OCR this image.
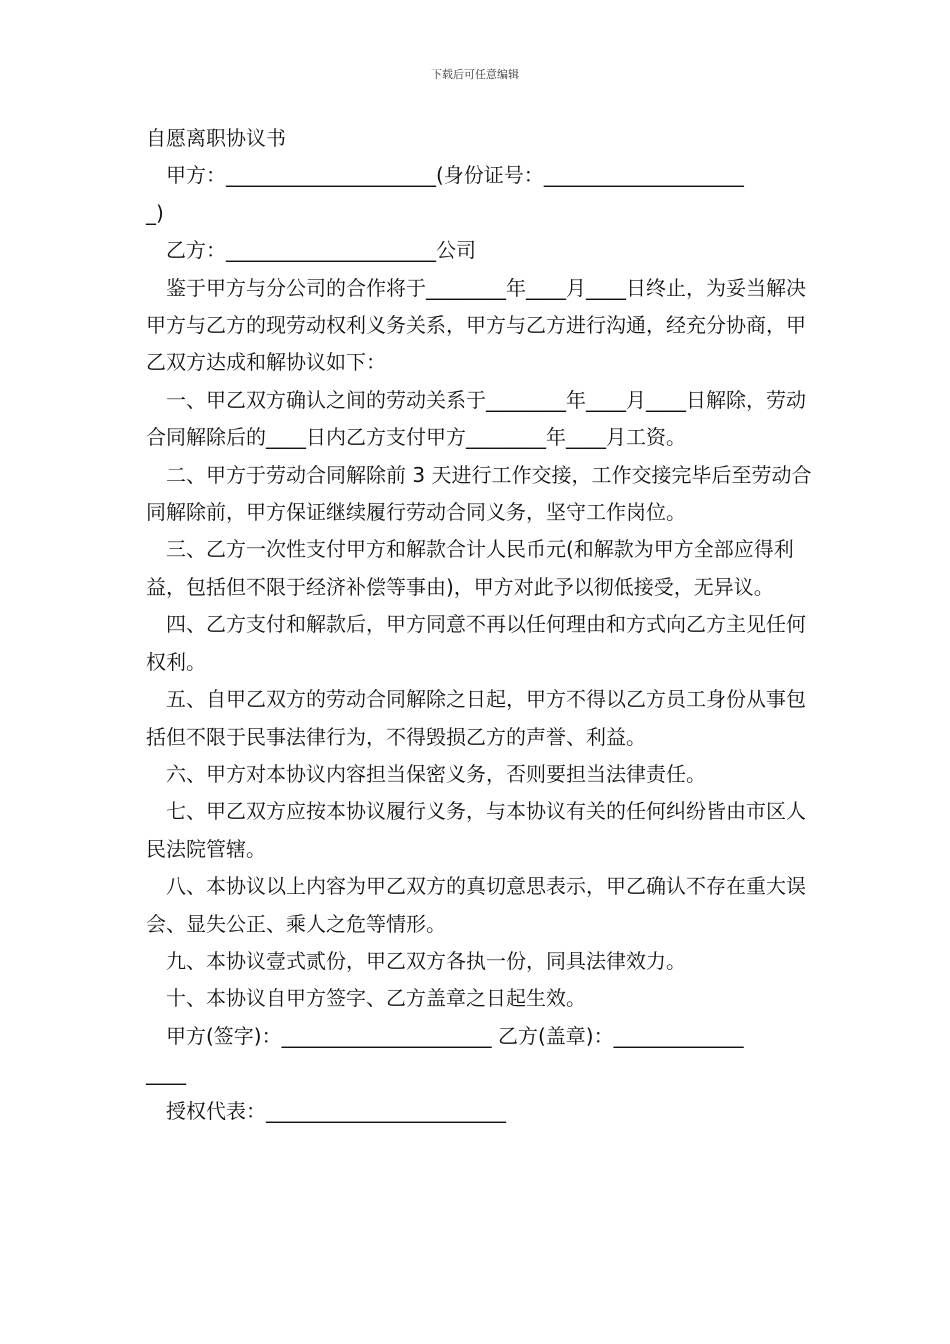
下载后可任意编辑
自愿离职协议书
甲方：_____________________(身份证号：____________________
_)
乙方：_____________________公司
鉴于甲方与分公司的合作将于________年____月____日终止，为妥当解决甲方与乙方的现劳动权利义务关系，甲方与乙方进行沟通，经充分协商，甲乙双方达成和解协议如下：
一、甲乙双方确认之间的劳动关系于________年____月____日解除，劳动合同解除后的____日内乙方支付甲方________年____月工资。
二、甲方于劳动合同解除前 3 天进行工作交接，工作交接完毕后至劳动合同解除前，甲方保证继续履行劳动合同义务，坚守工作岗位。
三、乙方一次性支付甲方和解款合计人民币元(和解款为甲方全部应得利益，包括但不限于经济补偿等事由)，甲方对此予以彻低接受，无异议。
四、乙方支付和解款后，甲方同意不再以任何理由和方式向乙方主见任何权利。
五、自甲乙双方的劳动合同解除之日起，甲方不得以乙方员工身份从事包括但不限于民事法律行为，不得毁损乙方的声誉、利益。
六、甲方对本协议内容担当保密义务，否则要担当法律责任。
七、甲乙双方应按本协议履行义务，与本协议有关的任何纠纷皆由市区人民法院管辖。
八、本协议以上内容为甲乙双方的真切意思表示，甲乙确认不存在重大误会、显失公正、乘人之危等情形。
九、本协议壹式贰份，甲乙双方各执一份，同具法律效力。
十、本协议自甲方签字、乙方盖章之日起生效。
甲方(签字)：_____________________ 乙方(盖章)：_____________
____
授权代表：________________________
